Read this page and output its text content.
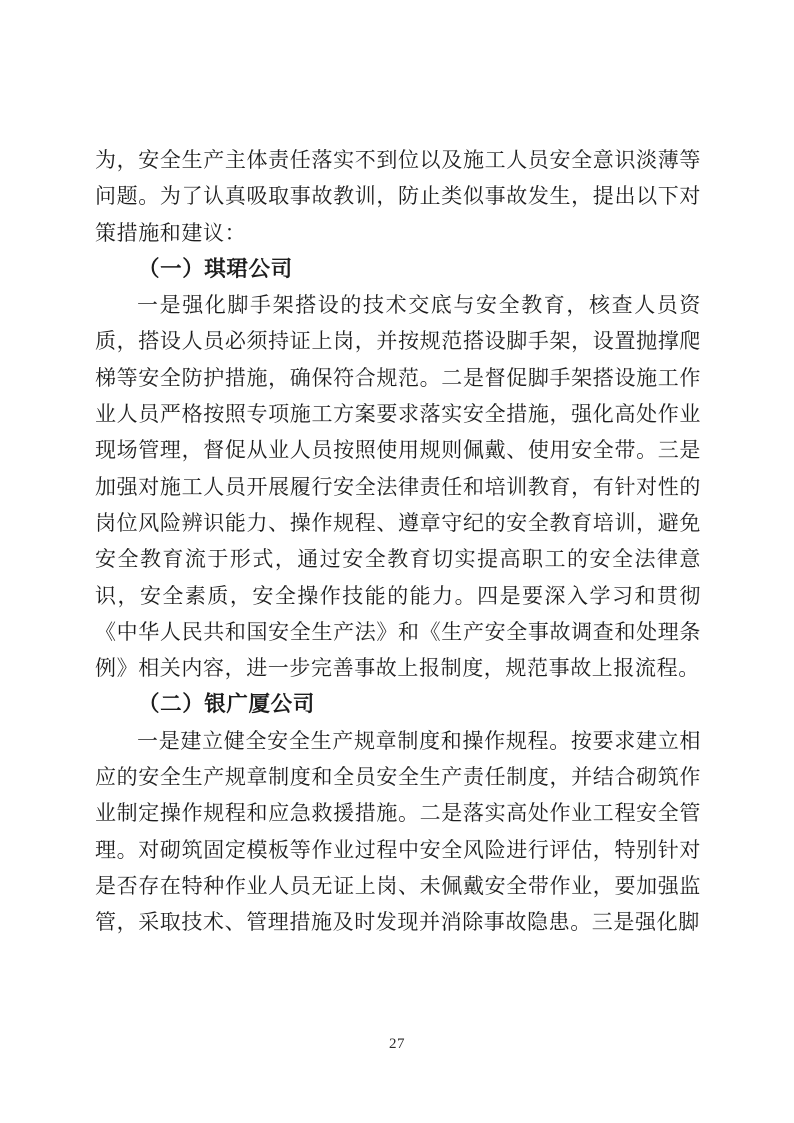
为，安全生产主体责任落实不到位以及施工人员安全意识淡薄等问题。为了认真吸取事故教训，防止类似事故发生，提出以下对策措施和建议：

（一）琪珺公司

一是强化脚手架搭设的技术交底与安全教育，核查人员资质，搭设人员必须持证上岗，并按规范搭设脚手架，设置抛撑爬梯等安全防护措施，确保符合规范。二是督促脚手架搭设施工作业人员严格按照专项施工方案要求落实安全措施，强化高处作业现场管理，督促从业人员按照使用规则佩戴、使用安全带。三是加强对施工人员开展履行安全法律责任和培训教育，有针对性的岗位风险辨识能力、操作规程、遵章守纪的安全教育培训，避免安全教育流于形式，通过安全教育切实提高职工的安全法律意识，安全素质，安全操作技能的能力。四是要深入学习和贯彻《中华人民共和国安全生产法》和《生产安全事故调查和处理条例》相关内容，进一步完善事故上报制度，规范事故上报流程。

（二）银广厦公司

一是建立健全安全生产规章制度和操作规程。按要求建立相应的安全生产规章制度和全员安全生产责任制度，并结合砌筑作业制定操作规程和应急救援措施。二是落实高处作业工程安全管理。对砌筑固定模板等作业过程中安全风险进行评估，特别针对是否存在特种作业人员无证上岗、未佩戴安全带作业，要加强监管，采取技术、管理措施及时发现并消除事故隐患。三是强化脚

27
